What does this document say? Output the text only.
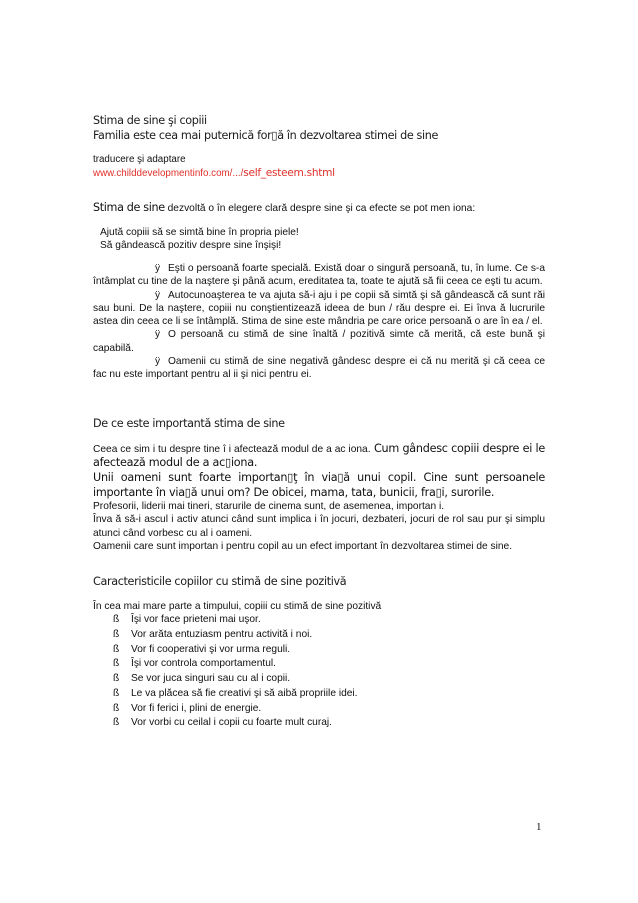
Stima de sine şi copiii

Familia este cea mai puternică for▯ă în dezvoltarea stimei de sine

traducere şi adaptare

www.childdevelopmentinfo.com/.../self_esteem.shtml

Stima de sine dezvoltă o în elegere clară despre sine şi ca efecte se pot men iona:

Ajută copiii să se simtă bine în propria piele!

Să gândească pozitiv despre sine înşişi!

ÿ Eşti o persoană foarte specială. Există doar o singură persoană, tu, în lume. Ce s-a întâmplat cu tine de la naştere şi până acum, ereditatea ta, toate te ajută să fii ceea ce eşti tu acum.

ÿ Autocunoaşterea te va ajuta să-i aju i pe copii să simtă şi să gândească că sunt răi sau buni. De la naştere, copiii nu conştientizează ideea de bun / rău despre ei. Ei înva ă lucrurile astea din ceea ce li se întâmplă. Stima de sine este mândria pe care orice persoană o are în ea / el.

ÿ O persoană cu stimă de sine înaltă / pozitivă simte că merită, că este bună şi capabilă.

ÿ Oamenii cu stimă de sine negativă gândesc despre ei că nu merită şi că ceea ce fac nu este important pentru al ii şi nici pentru ei.

De ce este importantă stima de sine

Ceea ce sim i tu despre tine î i afectează modul de a ac iona. Cum gândesc copiii despre ei le afectează modul de a ac▯iona.

Unii oameni sunt foarte importan▯ţ în via▯ă unui copil. Cine sunt persoanele importante în via▯ă unui om? De obicei, mama, tata, bunicii, fra▯i, surorile.

Profesorii, liderii mai tineri, starurile de cinema sunt, de asemenea, importan i.

Înva ă să-i ascul i activ atunci când sunt implica i în jocuri, dezbateri, jocuri de rol sau pur şi simplu atunci când vorbesc cu al i oameni.

Oamenii care sunt importan i pentru copil au un efect important în dezvoltarea stimei de sine.

Caracteristicile copiilor cu stimă de sine pozitivă

În cea mai mare parte a timpului, copiii cu stimă de sine pozitivă

ß Îşi vor face prieteni mai uşor.
ß Vor arăta entuziasm pentru activită i noi.
ß Vor fi cooperativi şi vor urma reguli.
ß Îşi vor controla comportamentul.
ß Se vor juca singuri sau cu al i copii.
ß Le va plăcea să fie creativi şi să aibă propriile idei.
ß Vor fi ferici i, plini de energie.
ß Vor vorbi cu ceilal i copii cu foarte mult curaj.
1
